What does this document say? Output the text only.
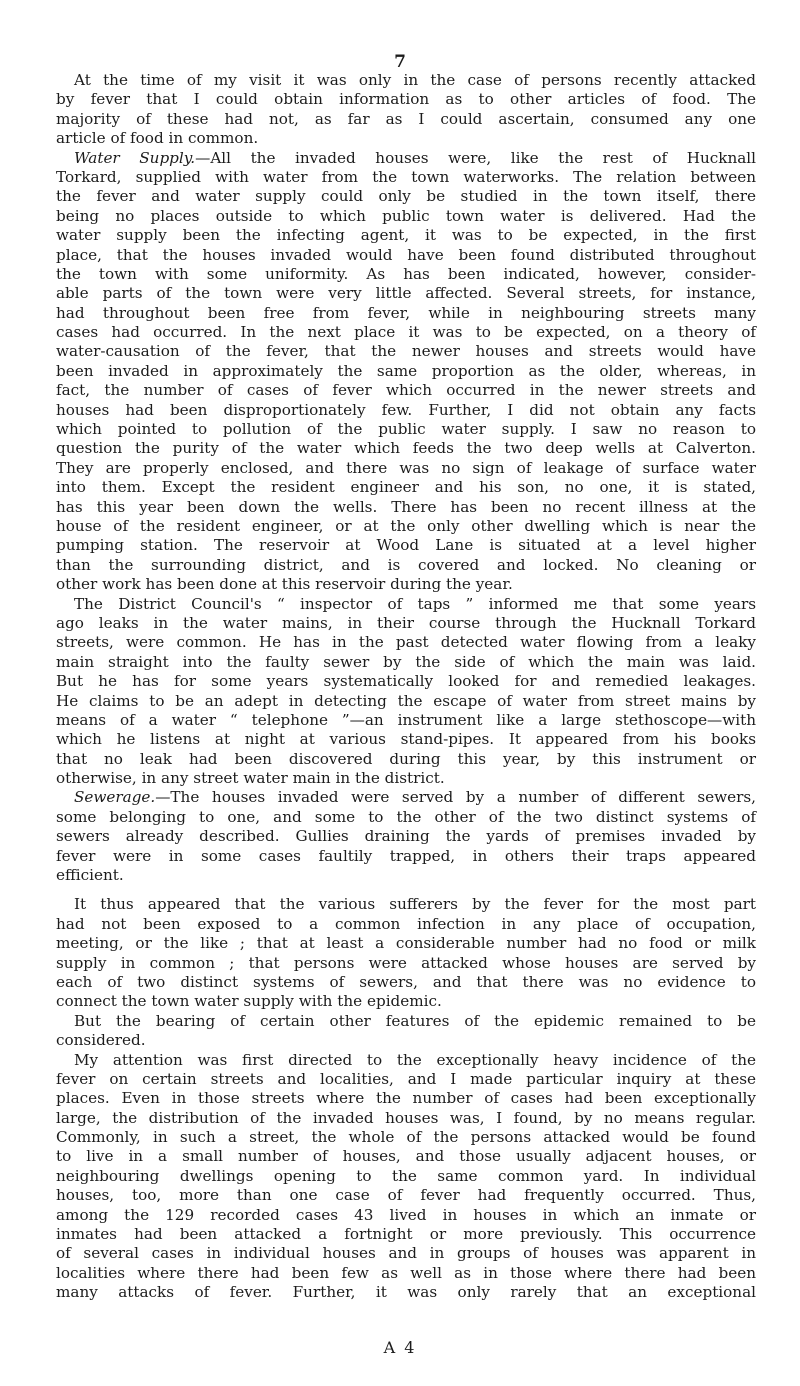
7
At the time of my visit it was only in the case of persons recently attacked
by fever that I could obtain information as to other articles of food. The
majority of these had not, as far as I could ascertain, consumed any one
article of food in common.
Water Supply.—All the invaded houses were, like the rest of Hucknall
Torkard, supplied with water from the town waterworks. The relation between
the fever and water supply could only be studied in the town itself, there
being no places outside to which public town water is delivered. Had the
water supply been the infecting agent, it was to be expected, in the first
place, that the houses invaded would have been found distributed throughout
the town with some uniformity. As has been indicated, however, consider-
able parts of the town were very little affected. Several streets, for instance,
had throughout been free from fever, while in neighbouring streets many
cases had occurred. In the next place it was to be expected, on a theory of
water-causation of the fever, that the newer houses and streets would have
been invaded in approximately the same proportion as the older, whereas, in
fact, the number of cases of fever which occurred in the newer streets and
houses had been disproportionately few. Further, I did not obtain any facts
which pointed to pollution of the public water supply. I saw no reason to
question the purity of the water which feeds the two deep wells at Calverton.
They are properly enclosed, and there was no sign of leakage of surface water
into them. Except the resident engineer and his son, no one, it is stated,
has this year been down the wells. There has been no recent illness at the
house of the resident engineer, or at the only other dwelling which is near the
pumping station. The reservoir at Wood Lane is situated at a level higher
than the surrounding district, and is covered and locked. No cleaning or
other work has been done at this reservoir during the year.
The District Council's “ inspector of taps ” informed me that some years
ago leaks in the water mains, in their course through the Hucknall Torkard
streets, were common. He has in the past detected water flowing from a leaky
main straight into the faulty sewer by the side of which the main was laid.
But he has for some years systematically looked for and remedied leakages.
He claims to be an adept in detecting the escape of water from street mains by
means of a water “ telephone ”—an instrument like a large stethoscope—with
which he listens at night at various stand-pipes. It appeared from his books
that no leak had been discovered during this year, by this instrument or
otherwise, in any street water main in the district.
Sewerage.—The houses invaded were served by a number of different sewers,
some belonging to one, and some to the other of the two distinct systems of
sewers already described. Gullies draining the yards of premises invaded by
fever were in some cases faultily trapped, in others their traps appeared
efficient.
It thus appeared that the various sufferers by the fever for the most part
had not been exposed to a common infection in any place of occupation,
meeting, or the like ; that at least a considerable number had no food or milk
supply in common ; that persons were attacked whose houses are served by
each of two distinct systems of sewers, and that there was no evidence to
connect the town water supply with the epidemic.
But the bearing of certain other features of the epidemic remained to be
considered.
My attention was first directed to the exceptionally heavy incidence of the
fever on certain streets and localities, and I made particular inquiry at these
places. Even in those streets where the number of cases had been exceptionally
large, the distribution of the invaded houses was, I found, by no means regular.
Commonly, in such a street, the whole of the persons attacked would be found
to live in a small number of houses, and those usually adjacent houses, or
neighbouring dwellings opening to the same common yard. In individual
houses, too, more than one case of fever had frequently occurred. Thus,
among the 129 recorded cases 43 lived in houses in which an inmate or
inmates had been attacked a fortnight or more previously. This occurrence
of several cases in individual houses and in groups of houses was apparent in
localities where there had been few as well as in those where there had been
many attacks of fever. Further, it was only rarely that an exceptional
A 4
